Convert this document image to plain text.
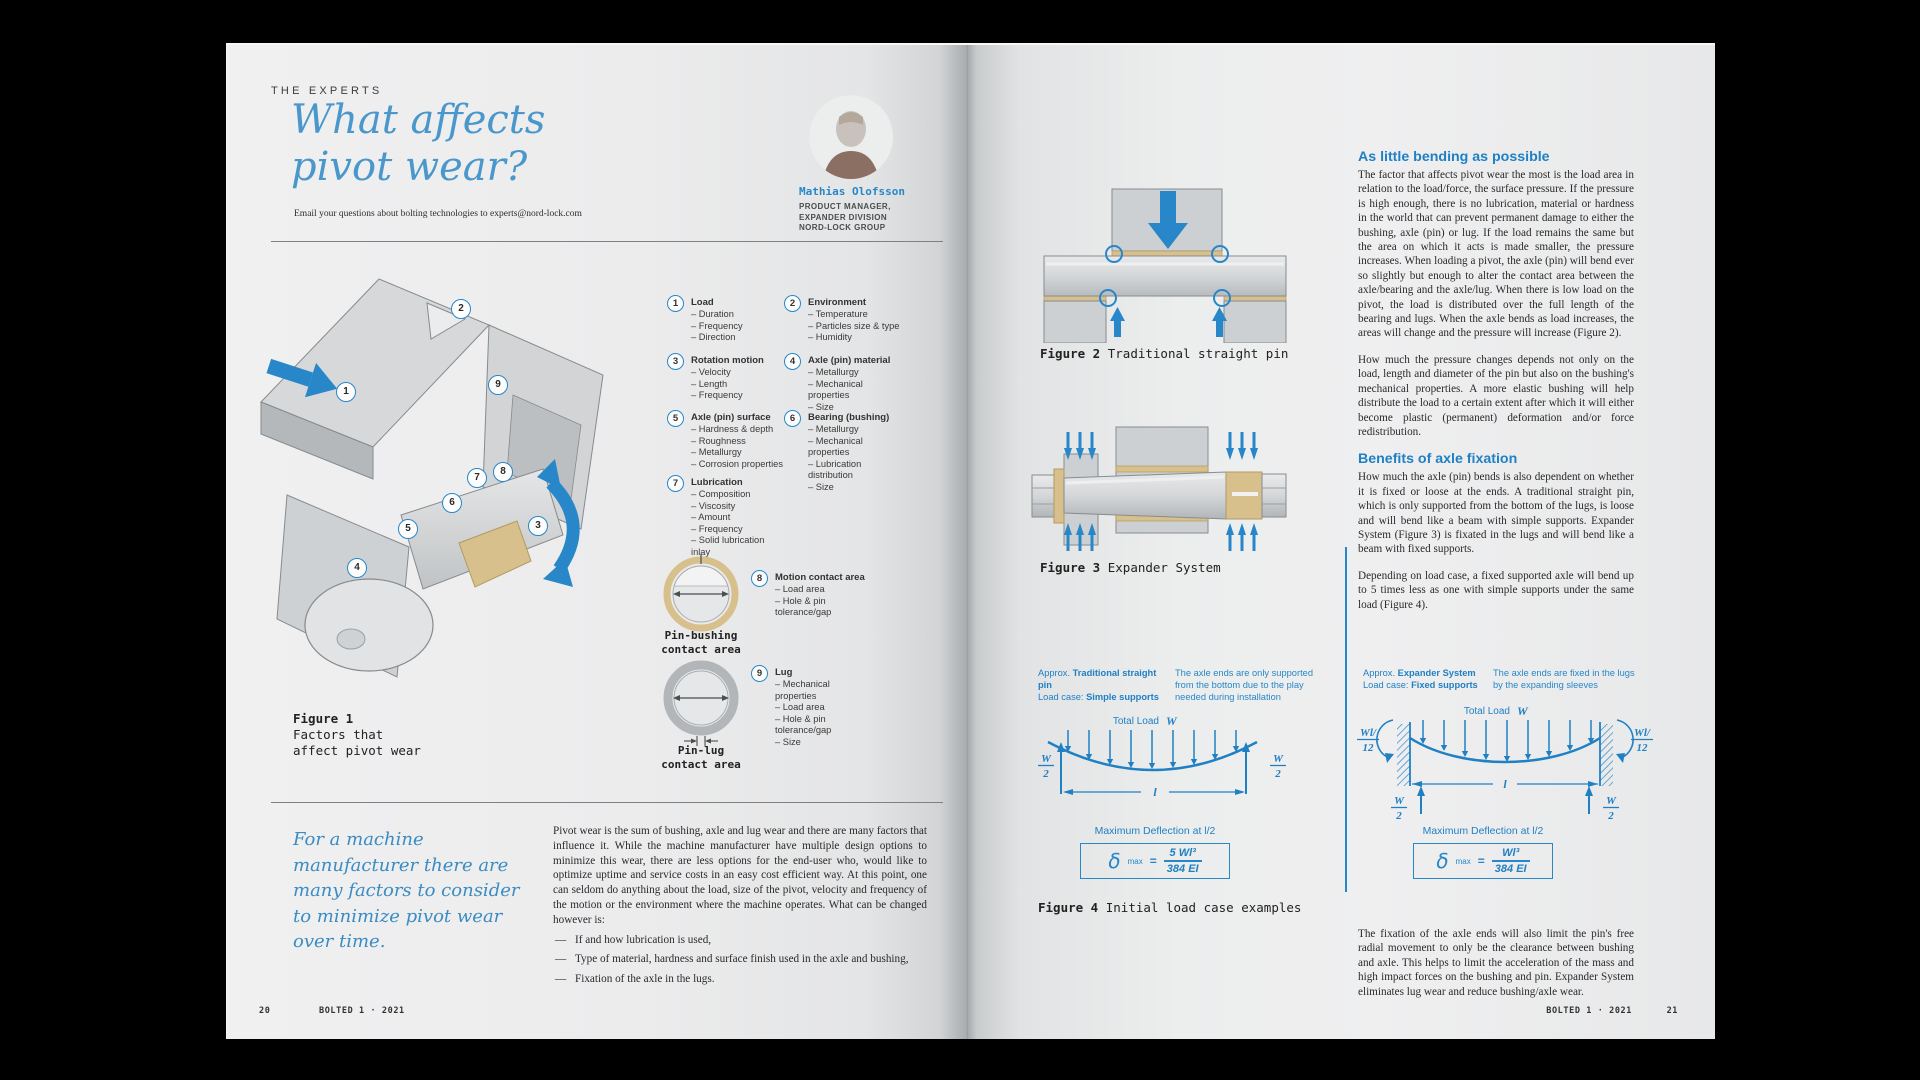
THE EXPERTS
What affects
pivot wear?
Email your questions about bolting technologies to experts@nord-lock.com
Mathias Olofsson
PRODUCT MANAGER,
EXPANDER DIVISION
NORD-LOCK GROUP
1
2
3
4
5
6
7
8
9
Figure 1
Factors that
affect pivot wear
1	Load
– Duration
– Frequency
– Direction
2	Environment
– Temperature
– Particles size & type
– Humidity
3	Rotation motion
– Velocity
– Length
– Frequency
4	Axle (pin) material
– Metallurgy
– Mechanical properties
– Size
5	Axle (pin) surface
– Hardness & depth
– Roughness
– Metallurgy
– Corrosion properties
6	Bearing (bushing)
– Metallurgy
– Mechanical properties
– Lubrication distribution
– Size
7	Lubrication
– Composition
– Viscosity
– Amount
– Frequency
– Solid lubrication inlay
Pin-bushing
contact area
8	Motion contact area
– Load area
– Hole & pin tolerance/gap
Pin-lug
contact area
9	Lug
– Mechanical properties
– Load area
– Hole & pin tolerance/gap
– Size
For a machine manufacturer there are many factors to consider to minimize pivot wear over time.
Pivot wear is the sum of bushing, axle and lug wear and there are many factors that influence it. While the machine manufacturer have multiple design options to minimize this wear, there are less options for the end-user who, would like to optimize uptime and service costs in an easy cost efficient way. At this point, one can seldom do anything about the load, size of the pivot, velocity and frequency of the motion or the environment where the machine operates. What can be changed however is:
— If and how lubrication is used,
— Type of material, hardness and surface finish used in the axle and bushing,
— Fixation of the axle in the lugs.
20	BOLTED 1 · 2021
Figure 2 Traditional straight pin
Figure 3 Expander System
As little bending as possible

The factor that affects pivot wear the most is the load area in relation to the load/force, the surface pressure. If the pressure is high enough, there is no lubrication, material or hardness in the world that can prevent permanent damage to either the bushing, axle (pin) or lug. If the load remains the same but the area on which it acts is made smaller, the pressure increases. When loading a pivot, the axle (pin) will bend ever so slightly but enough to alter the contact area between the axle/bearing and the axle/lug. When there is low load on the pivot, the load is distributed over the full length of the bearing and lugs. When the axle bends as load increases, the areas will change and the pressure will increase (Figure 2).

How much the pressure changes depends not only on the load, length and diameter of the pin but also on the bushing's mechanical properties. A more elastic bushing will help distribute the load to a certain extent after which it will either become plastic (permanent) deformation and/or force redistribution.

Benefits of axle fixation

How much the axle (pin) bends is also dependent on whether it is fixed or loose at the ends. A traditional straight pin, which is only supported from the bottom of the lugs, is loose and will bend like a beam with simple supports. Expander System (Figure 3) is fixated in the lugs and will bend like a beam with fixed supports.

Depending on load case, a fixed supported axle will bend up to 5 times less as one with simple supports under the same load (Figure 4).

Approx. Traditional straight pin
Load case: Simple supports
The axle ends are only supported from the bottom due to the play needed during installation
Total Load W
W
2
W
2
l
Maximum Deflection at l/2
δ $\max = \frac{\text{5 Wl³}}{384 EI}$
Figure 4 Initial load case examples
Approx. Expander System
Load case: Fixed supports
The axle ends are fixed in the lugs by the expanding sleeves
Total Load W
Wl/
12
Wl/
12
l
W
2
W
2
Maximum Deflection at l/2
δ $\max = \frac{\text{Wl³}}{384 EI}$

The fixation of the axle ends will also limit the pin's free radial movement to only be the clearance between bushing and axle. This helps to limit the acceleration of the mass and high impact forces on the bushing and pin. Expander System eliminates lug wear and reduce bushing/axle wear.

BOLTED 1 · 2021	21
